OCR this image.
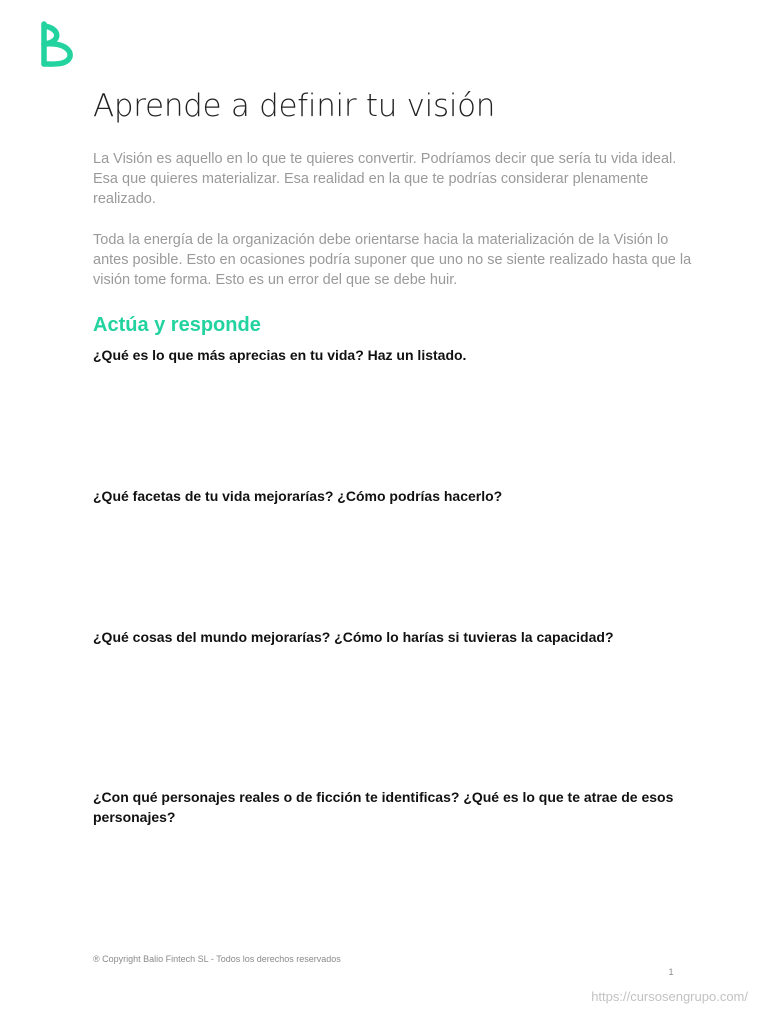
Aprende a definir tu visión

La Visión es aquello en lo que te quieres convertir. Podríamos decir que sería tu vida ideal. Esa que quieres materializar. Esa realidad en la que te podrías considerar plenamente realizado.

Toda la energía de la organización debe orientarse hacia la materialización de la Visión lo antes posible. Esto en ocasiones podría suponer que uno no se siente realizado hasta que la visión tome forma. Esto es un error del que se debe huir.

Actúa y responde

¿Qué es lo que más aprecias en tu vida? Haz un listado.

¿Qué facetas de tu vida mejorarías? ¿Cómo podrías hacerlo?

¿Qué cosas del mundo mejorarías? ¿Cómo lo harías si tuvieras la capacidad?

¿Con qué personajes reales o de ficción te identificas? ¿Qué es lo que te atrae de esos personajes?

® Copyright Balio Fintech SL - Todos los derechos reservados
1
https://cursosengrupo.com/
